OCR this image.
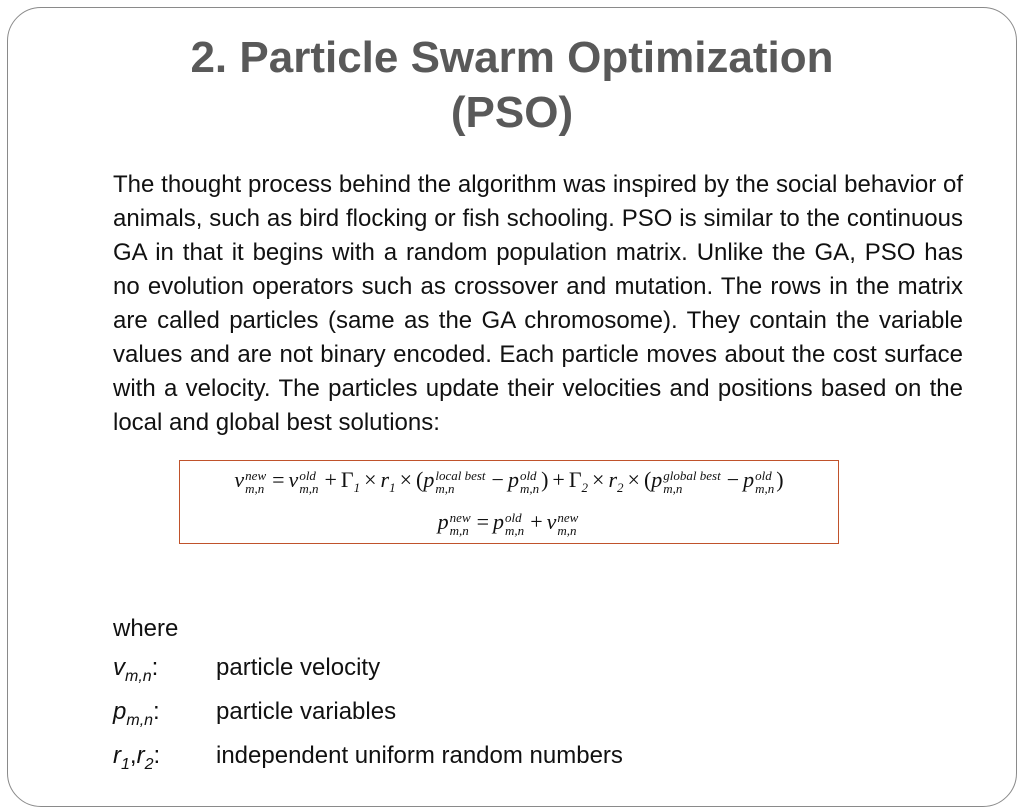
2. Particle Swarm Optimization
(PSO)

The thought process behind the algorithm was inspired by the social behavior of animals, such as bird flocking or fish schooling. PSO is similar to the continuous GA in that it begins with a random population matrix. Unlike the GA, PSO has no evolution operators such as crossover and mutation. The rows in the matrix are called particles (same as the GA chromosome). They contain the variable values and are not binary encoded. Each particle moves about the cost surface with a velocity. The particles update their velocities and positions based on the local and global best solutions:

v new
m,n = v old
$m,n + \Gamma_1 \times r_1 \times (p$ local best
m,n	− p old
m,n ) + $\Gamma_2 \times r_2 \times (p$ global best
m,n	− p old
m,n )
p new
m,n = p old
m,n + v new
m,n
where
$v_{m,n}$: particle velocity
$p_{m,n}$: particle variables
$r_1,r_2$: independent uniform random numbers
